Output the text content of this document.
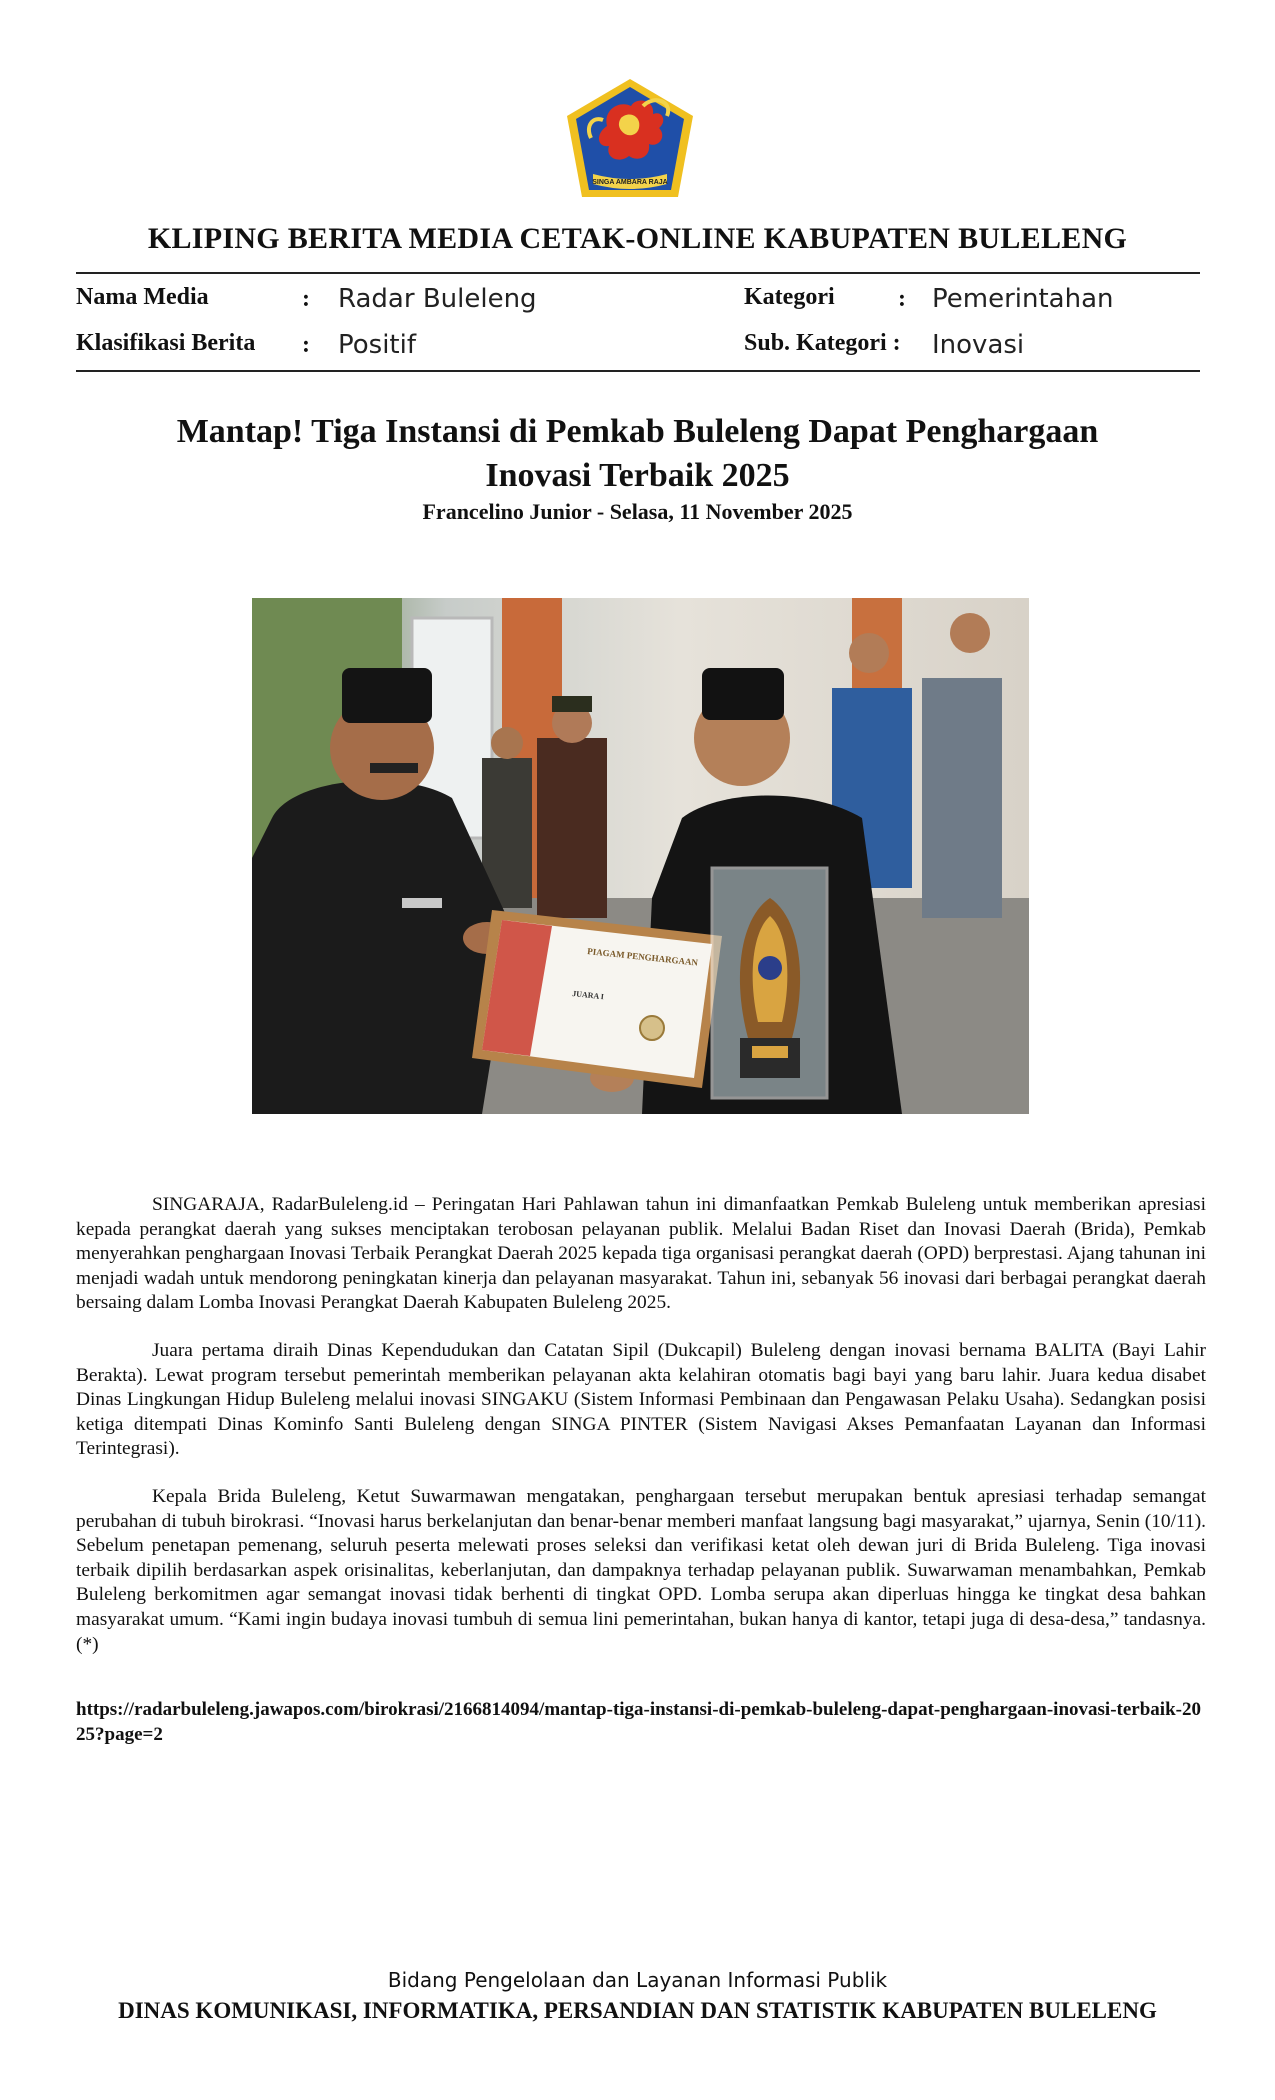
SINGA AMBARA RAJA
KLIPING BERITA MEDIA CETAK-ONLINE KABUPATEN BULELENG
Nama Media	: Radar Buleleng	Kategori	: Pemerintahan
Klasifikasi Berita : Positif	Sub. Kategori : Inovasi
Mantap! Tiga Instansi di Pemkab Buleleng Dapat Penghargaan
Inovasi Terbaik 2025
Francelino Junior - Selasa, 11 November 2025
PIAGAM PENGHARGAAN
JUARA I

SINGARAJA, RadarBuleleng.id – Peringatan Hari Pahlawan tahun ini dimanfaatkan Pemkab Buleleng untuk memberikan apresiasi kepada perangkat daerah yang sukses menciptakan terobosan pelayanan publik. Melalui Badan Riset dan Inovasi Daerah (Brida), Pemkab menyerahkan penghargaan Inovasi Terbaik Perangkat Daerah 2025 kepada tiga organisasi perangkat daerah (OPD) berprestasi. Ajang tahunan ini menjadi wadah untuk mendorong peningkatan kinerja dan pelayanan masyarakat. Tahun ini, sebanyak 56 inovasi dari berbagai perangkat daerah bersaing dalam Lomba Inovasi Perangkat Daerah Kabupaten Buleleng 2025.

Juara pertama diraih Dinas Kependudukan dan Catatan Sipil (Dukcapil) Buleleng dengan inovasi bernama BALITA (Bayi Lahir Berakta). Lewat program tersebut pemerintah memberikan pelayanan akta kelahiran otomatis bagi bayi yang baru lahir. Juara kedua disabet Dinas Lingkungan Hidup Buleleng melalui inovasi SINGAKU (Sistem Informasi Pembinaan dan Pengawasan Pelaku Usaha). Sedangkan posisi ketiga ditempati Dinas Kominfo Santi Buleleng dengan SINGA PINTER (Sistem Navigasi Akses Pemanfaatan Layanan dan Informasi Terintegrasi).

Kepala Brida Buleleng, Ketut Suwarmawan mengatakan, penghargaan tersebut merupakan bentuk apresiasi terhadap semangat perubahan di tubuh birokrasi. “Inovasi harus berkelanjutan dan benar-benar memberi manfaat langsung bagi masyarakat,” ujarnya, Senin (10/11). Sebelum penetapan pemenang, seluruh peserta melewati proses seleksi dan verifikasi ketat oleh dewan juri di Brida Buleleng. Tiga inovasi terbaik dipilih berdasarkan aspek orisinalitas, keberlanjutan, dan dampaknya terhadap pelayanan publik. Suwarwaman menambahkan, Pemkab Buleleng berkomitmen agar semangat inovasi tidak berhenti di tingkat OPD. Lomba serupa akan diperluas hingga ke tingkat desa bahkan masyarakat umum. “Kami ingin budaya inovasi tumbuh di semua lini pemerintahan, bukan hanya di kantor, tetapi juga di desa-desa,” tandasnya. (*)

https://radarbuleleng.jawapos.com/birokrasi/2166814094/mantap-tiga-instansi-di-pemkab-buleleng-dapat-penghargaan-inovasi-terbaik-2025?page=2
Bidang Pengelolaan dan Layanan Informasi Publik
DINAS KOMUNIKASI, INFORMATIKA, PERSANDIAN DAN STATISTIK KABUPATEN BULELENG
